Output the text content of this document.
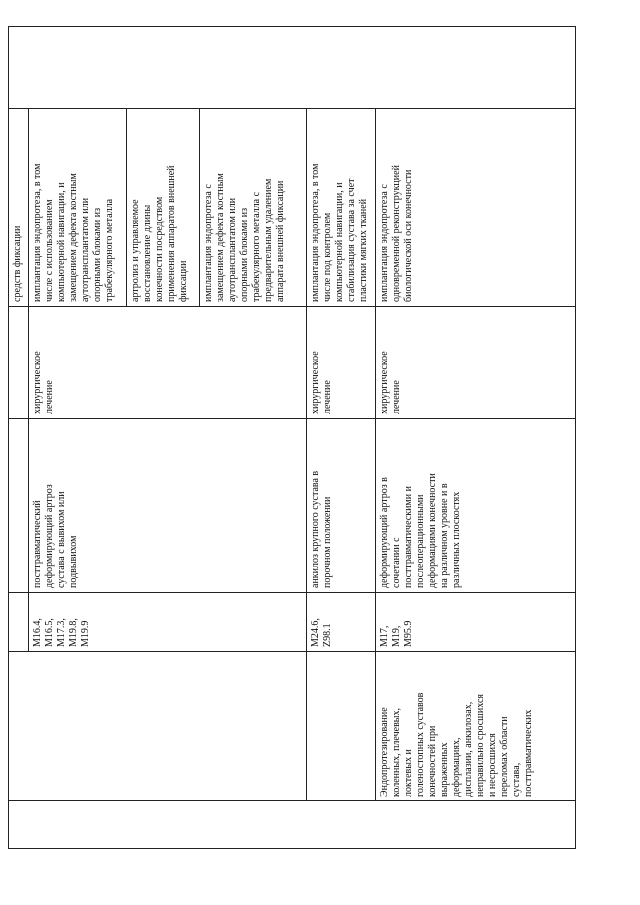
средств фиксации имплантация эндопротеза, в том
числе с использованием
компьютерной навигации, и
замещением дефекта костным
аутотрансплантатом или
опорными блоками из
трабекулярного металла
артролиз и управляемое
восстановление длины
конечности посредством
применения аппаратов внешней
фиксации	имплантация эндопротеза с
замещением дефекта костным
аутотрансплантатом или
опорными блоками из
трабекулярного металла с
предварительным удалением
аппарата внешней фиксации
хирургическое
лечение
посттравматический
деформирующий артроз
сустава с вывихом или
подвывихом
M16.4,
M16.5,
M17.3,
M19.8,
M19.9
имплантация эндопротеза, в том
числе под контролем
компьютерной навигации, и
стабилизация сустава за счет
пластики мягких тканей
хирургическое
лечение
анкилоз крупного сустава в
порочном положении
M24.6,
Z98.1
имплантация эндопротеза с
одновременной реконструкцией
биологической оси конечности
хирургическое
лечение
деформирующий артроз в
сочетании с
посттравматическими и
послеоперационными
деформациями конечности
на различном уровне и в
различных плоскостях
M17,
M19,
M95.9
Эндопротезирование
коленных, плечевых,
локтевых и
голеностопных суставов
конечностей при
выраженных
деформациях,
дисплазии, анкилозах,
неправильно сросшихся
и несросшихся
переломах области
сустава,
посттравматических
